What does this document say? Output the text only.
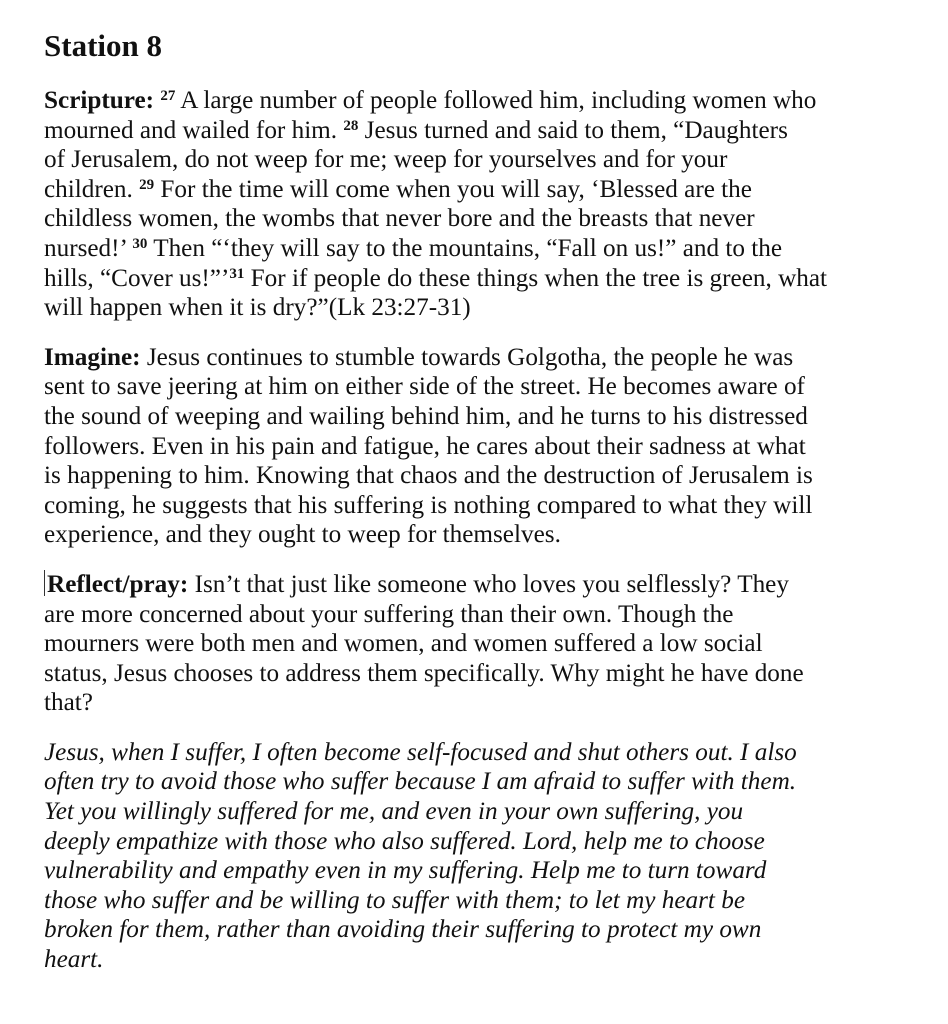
Station 8
Scripture: $^{27}$ A large number of people followed him, including women who
mourned and wailed for him. $^{28}$ Jesus turned and said to them, “Daughters
of Jerusalem, do not weep for me; weep for yourselves and for your
children. $^{29}$ For the time will come when you will say, ‘Blessed are the
childless women, the wombs that never bore and the breasts that never
nursed!’ $^{30}$ Then “‘they will say to the mountains, “Fall on us!” and to the
hills, “Cover us!”’$^{31}$ For if people do these things when the tree is green, what
will happen when it is dry?”(Lk 23:27-31)
Imagine: Jesus continues to stumble towards Golgotha, the people he was
sent to save jeering at him on either side of the street. He becomes aware of
the sound of weeping and wailing behind him, and he turns to his distressed
followers. Even in his pain and fatigue, he cares about their sadness at what
is happening to him. Knowing that chaos and the destruction of Jerusalem is
coming, he suggests that his suffering is nothing compared to what they will
experience, and they ought to weep for themselves.
Reflect/pray: Isn’t that just like someone who loves you selflessly? They
are more concerned about your suffering than their own. Though the
mourners were both men and women, and women suffered a low social
status, Jesus chooses to address them specifically. Why might he have done
that?
Jesus, when I suffer, I often become self-focused and shut others out. I also
often try to avoid those who suffer because I am afraid to suffer with them.
Yet you willingly suffered for me, and even in your own suffering, you
deeply empathize with those who also suffered. Lord, help me to choose
vulnerability and empathy even in my suffering. Help me to turn toward
those who suffer and be willing to suffer with them; to let my heart be
broken for them, rather than avoiding their suffering to protect my own
heart.
